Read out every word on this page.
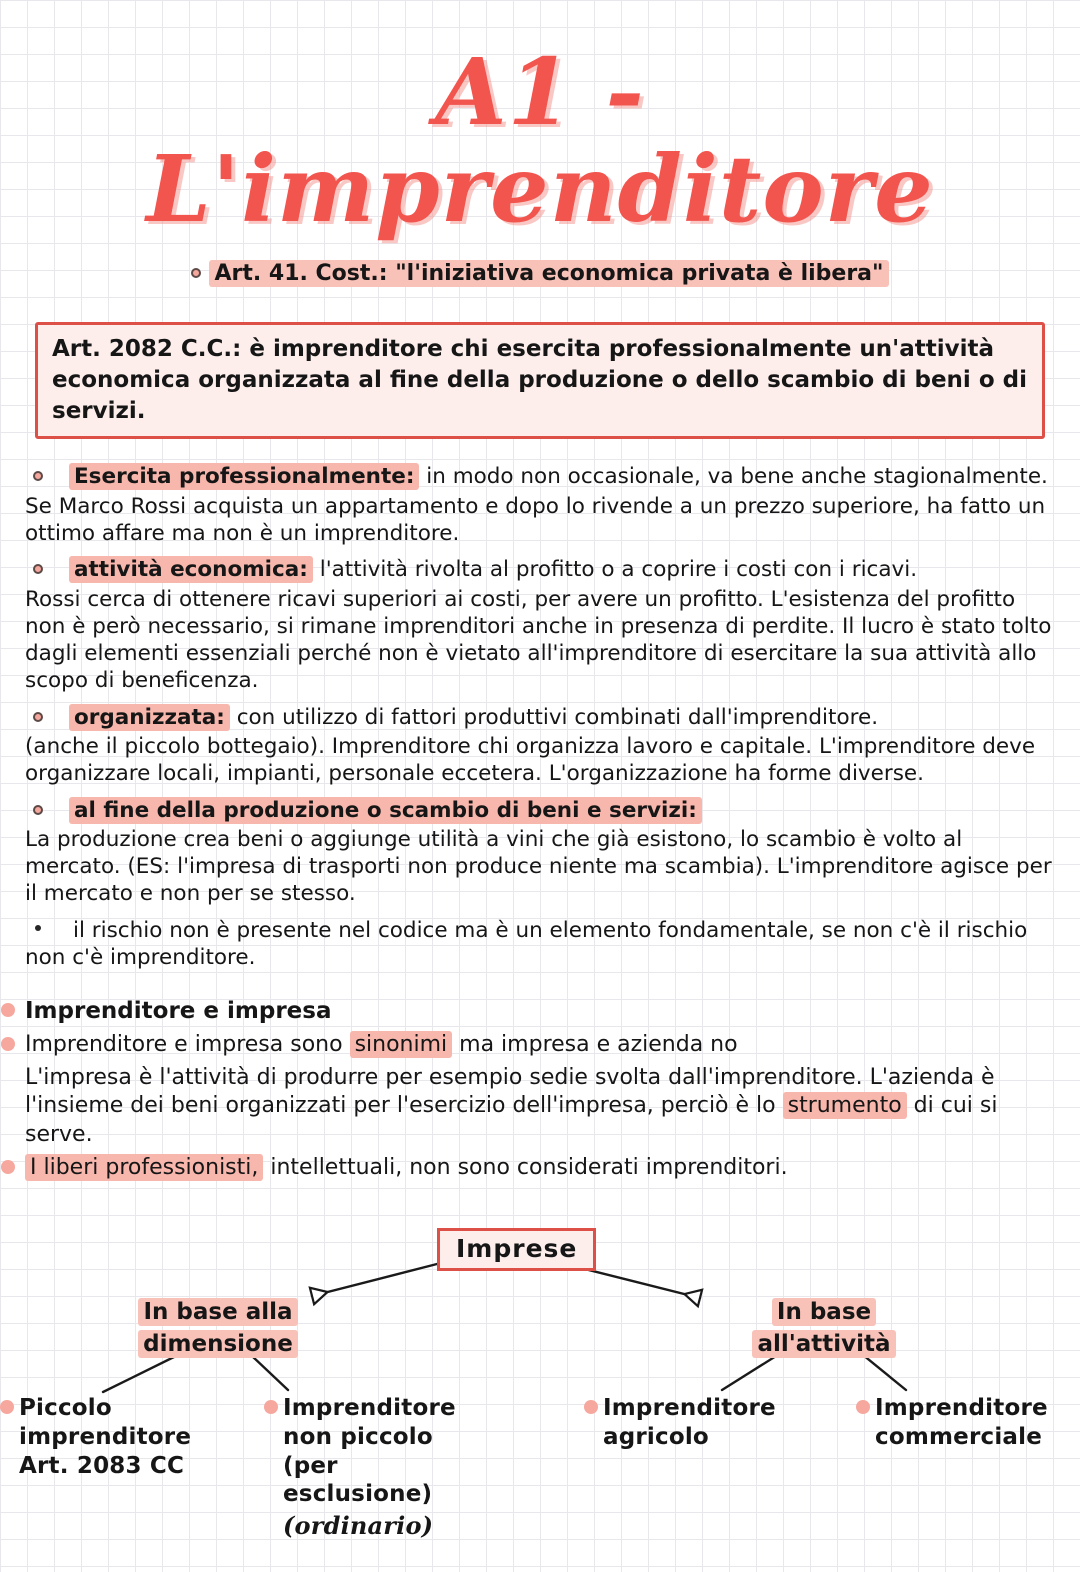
A1 - L'imprenditore
Art. 41. Cost.: "l'iniziativa economica privata è libera"
Art. 2082 C.C.: è imprenditore chi esercita professionalmente un'attività economica organizzata al fine della produzione o dello scambio di beni o di servizi.
Esercita professionalmente: in modo non occasionale, va bene anche stagionalmente.
Se Marco Rossi acquista un appartamento e dopo lo rivende a un prezzo superiore, ha fatto un ottimo affare ma non è un imprenditore.
attività economica: l'attività rivolta al profitto o a coprire i costi con i ricavi.
Rossi cerca di ottenere ricavi superiori ai costi, per avere un profitto. L'esistenza del profitto non è però necessario, si rimane imprenditori anche in presenza di perdite. Il lucro è stato tolto dagli elementi essenziali perché non è vietato all'imprenditore di esercitare la sua attività allo scopo di beneficenza.
organizzata: con utilizzo di fattori produttivi combinati dall'imprenditore.
(anche il piccolo bottegaio). Imprenditore chi organizza lavoro e capitale. L'imprenditore deve organizzare locali, impianti, personale eccetera. L'organizzazione ha forme diverse.
al fine della produzione o scambio di beni e servizi:
La produzione crea beni o aggiunge utilità a vini che già esistono, lo scambio è volto al mercato. (ES: l'impresa di trasporti non produce niente ma scambia). L'imprenditore agisce per il mercato e non per se stesso.
il rischio non è presente nel codice ma è un elemento fondamentale, se non c'è il rischio non c'è imprenditore.
Imprenditore e impresa
Imprenditore e impresa sono sinonimi ma impresa e azienda no
L'impresa è l'attività di produrre per esempio sedie svolta dall'imprenditore. L'azienda è l'insieme dei beni organizzati per l'esercizio dell'impresa, perciò è lo strumento di cui si serve.
I liberi professionisti, intellettuali, non sono considerati imprenditori.
Imprese
In base alla dimensione
In base all'attività
Piccolo imprenditore Art. 2083 CC
Imprenditore non piccolo (per esclusione)
(ordinario)
Imprenditore agricolo
Imprenditore commerciale
